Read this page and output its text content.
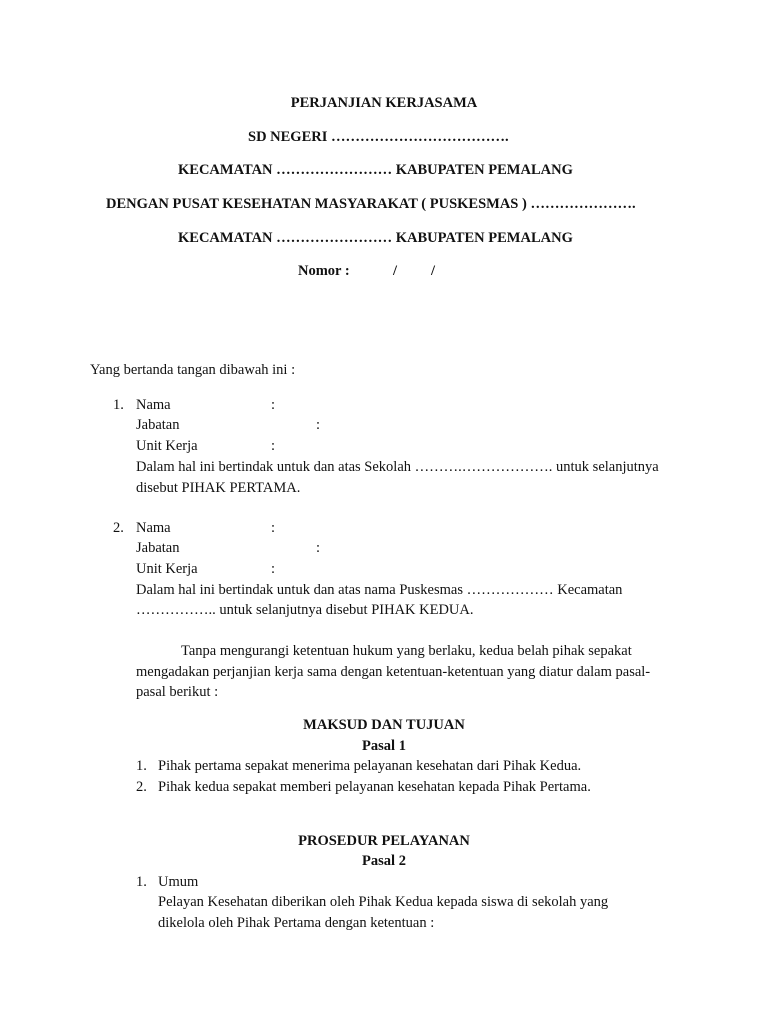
PERJANJIAN KERJASAMA
SD NEGERI ……………………………….
KECAMATAN …………………… KABUPATEN PEMALANG
DENGAN PUSAT KESEHATAN MASYARAKAT ( PUSKESMAS ) ………………….
KECAMATAN …………………… KABUPATEN PEMALANG
Nomor :	/ /
Yang bertanda tangan dibawah ini :
1. Nama	:
Jabatan	:
Unit Kerja	:
Dalam hal ini bertindak untuk dan atas Sekolah ……….………………. untuk selanjutnya
disebut PIHAK PERTAMA.
2. Nama	:
Jabatan	:
Unit Kerja	:
Dalam hal ini bertindak untuk dan atas nama Puskesmas ……………… Kecamatan
…………….. untuk selanjutnya disebut PIHAK KEDUA.
Tanpa mengurangi ketentuan hukum yang berlaku, kedua belah pihak sepakat
mengadakan perjanjian kerja sama dengan ketentuan-ketentuan yang diatur dalam pasal-
pasal berikut :
MAKSUD DAN TUJUAN
Pasal 1
1. Pihak pertama sepakat menerima pelayanan kesehatan dari Pihak Kedua.
2. Pihak kedua sepakat memberi pelayanan kesehatan kepada Pihak Pertama.
PROSEDUR PELAYANAN
Pasal 2
1. Umum
Pelayan Kesehatan diberikan oleh Pihak Kedua kepada siswa di sekolah yang
dikelola oleh Pihak Pertama dengan ketentuan :
